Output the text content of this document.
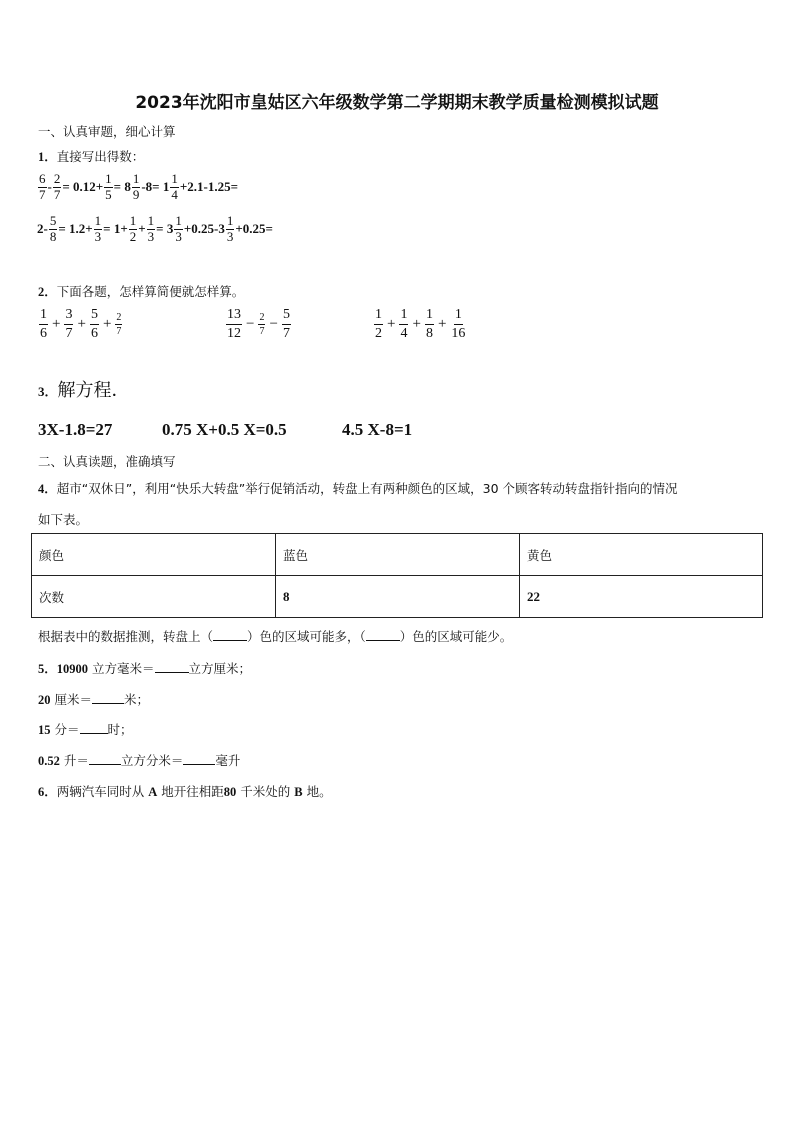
2023年沈阳市皇姑区六年级数学第二学期期末教学质量检测模拟试题
一、认真审题，细心计算
1．直接写出得数：
$\frac{6}{7} - \frac{2}{7} = 0.12+ \frac{1}{5} = 8 \frac{1}{9} -8= 1 \frac{1}{4} +2.1-1.25=$
$2- \frac{5}{8} = 1.2+ \frac{1}{3} = 1+ \frac{1}{2} + \frac{1}{3} = 3 \frac{1}{3} +0.25-3 \frac{1}{3} +0.25=$
2．下面各题，怎样算简便就怎样算。
$\frac{1}{6} + \frac{3}{7} + \frac{5}{6} + \frac{2}{7}$	$\frac{13}{12} - \frac{2}{7} - \frac{5}{7}$	$\frac{1}{2} + \frac{1}{4} + \frac{1}{8} + \frac{1}{16}$
3．解方程．
3X-1.8=27	0.75 X+0.5 X=0.5	4.5 X-8=1
二、认真读题，准确填写
4．超市“双休日”，利用“快乐大转盘”举行促销活动，转盘上有两种颜色的区域，30 个顾客转动转盘指针指向的情况
如下表。
颜色	蓝色	黄色
次数	8	22
根据表中的数据推测，转盘上（	）色的区域可能多，（	）色的区域可能少。
5．10900 立方毫米＝	立方厘米；
20 厘米＝	米；
15 分＝ 时；
0.52 升＝	立方分米＝	毫升
6．两辆汽车同时从 A 地开往相距80 千米处的 B 地。
